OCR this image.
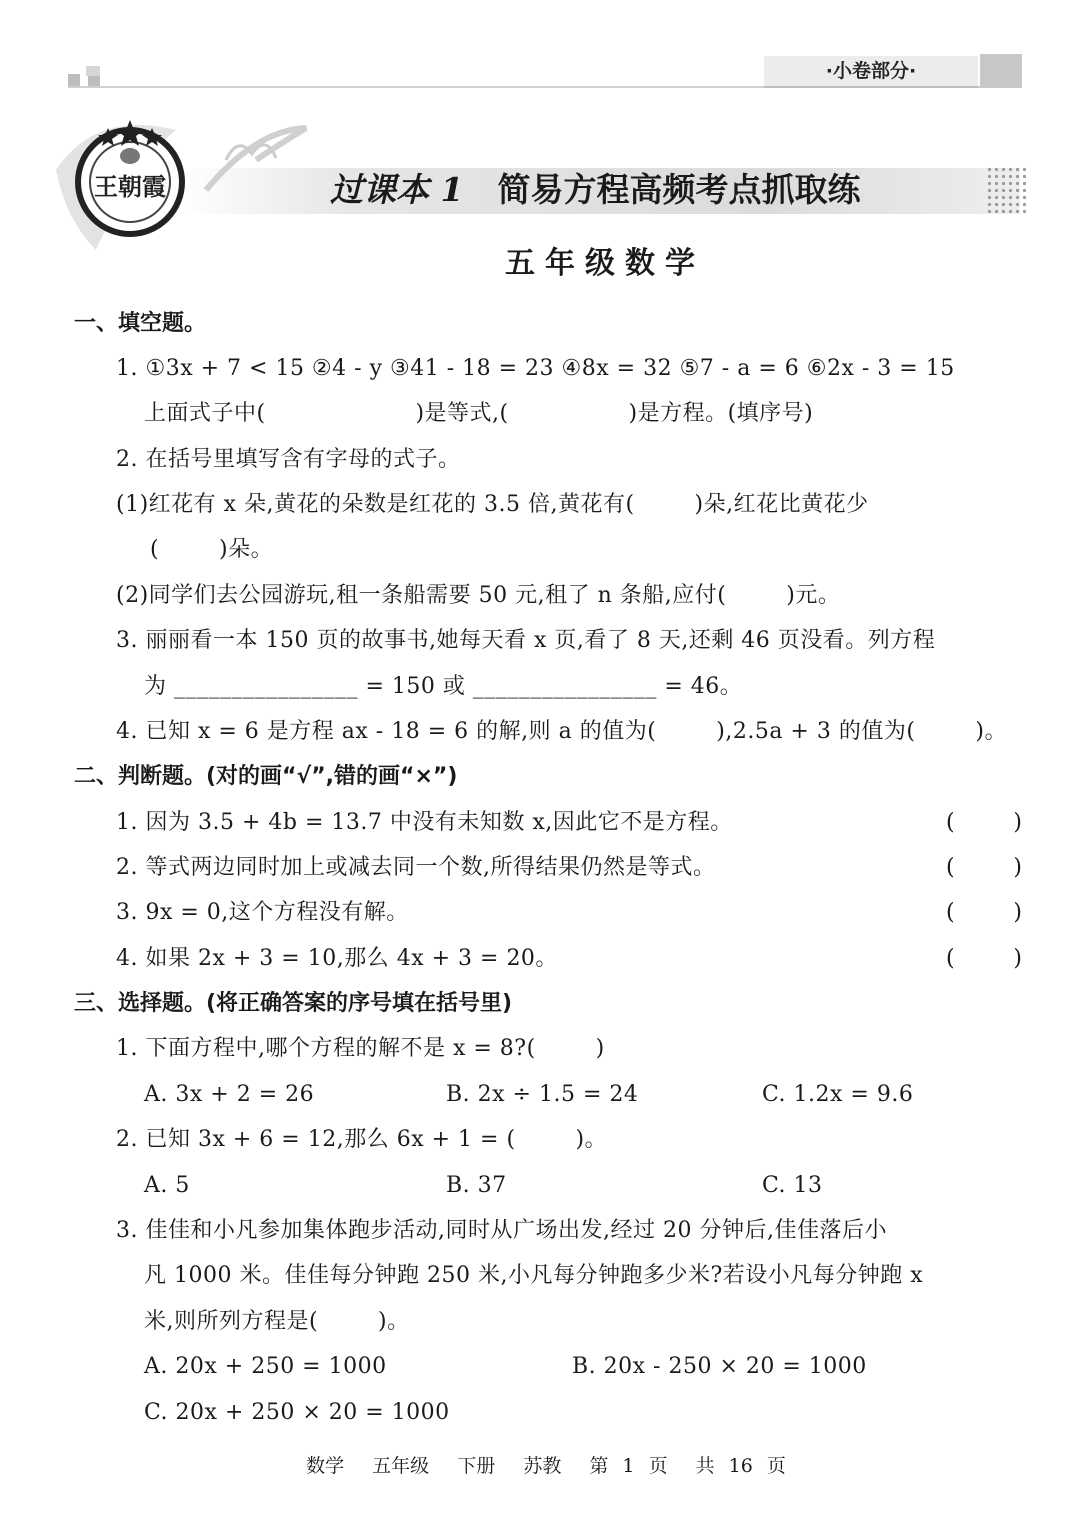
·小卷部分·
王朝霞	过课本 1 简易方程高频考点抓取练
五年级数学
一、填空题。
1. ①3x + 7 < 15 ②4 - y ③41 - 18 = 23 ④8x = 32 ⑤7 - a = 6 ⑥2x - 3 = 15
上面式子中(                    )是等式,(                )是方程。(填序号)
2. 在括号里填写含有字母的式子。
(1)红花有 x 朵,黄花的朵数是红花的 3.5 倍,黄花有(        )朵,红花比黄花少
(        )朵。
(2)同学们去公园游玩,租一条船需要 50 元,租了 n 条船,应付(        )元。
3. 丽丽看一本 150 页的故事书,她每天看 x 页,看了 8 天,还剩 46 页没看。列方程
为 ________________ = 150 或 ________________ = 46。
4. 已知 x = 6 是方程 ax - 18 = 6 的解,则 a 的值为(        ),2.5a + 3 的值为(        )。
二、判断题。(对的画“√”,错的画“×”)
1. 因为 3.5 + 4b = 13.7 中没有未知数 x,因此它不是方程。	(	)
2. 等式两边同时加上或减去同一个数,所得结果仍然是等式。	(	)
3. 9x = 0,这个方程没有解。	(	)
4. 如果 2x + 3 = 10,那么 4x + 3 = 20。	(	)
三、选择题。(将正确答案的序号填在括号里)
1. 下面方程中,哪个方程的解不是 x = 8?(        )
A. 3x + 2 = 26	B. 2x ÷ 1.5 = 24	C. 1.2x = 9.6
2. 已知 3x + 6 = 12,那么 6x + 1 = (        )。
A. 5	B. 37	C. 13
3. 佳佳和小凡参加集体跑步活动,同时从广场出发,经过 20 分钟后,佳佳落后小
凡 1000 米。佳佳每分钟跑 250 米,小凡每分钟跑多少米?若设小凡每分钟跑 x
米,则所列方程是(        )。
A. 20x + 250 = 1000	B. 20x - 250 × 20 = 1000
C. 20x + 250 × 20 = 1000
数学  五年级  下册  苏教  第 1 页  共 16 页
